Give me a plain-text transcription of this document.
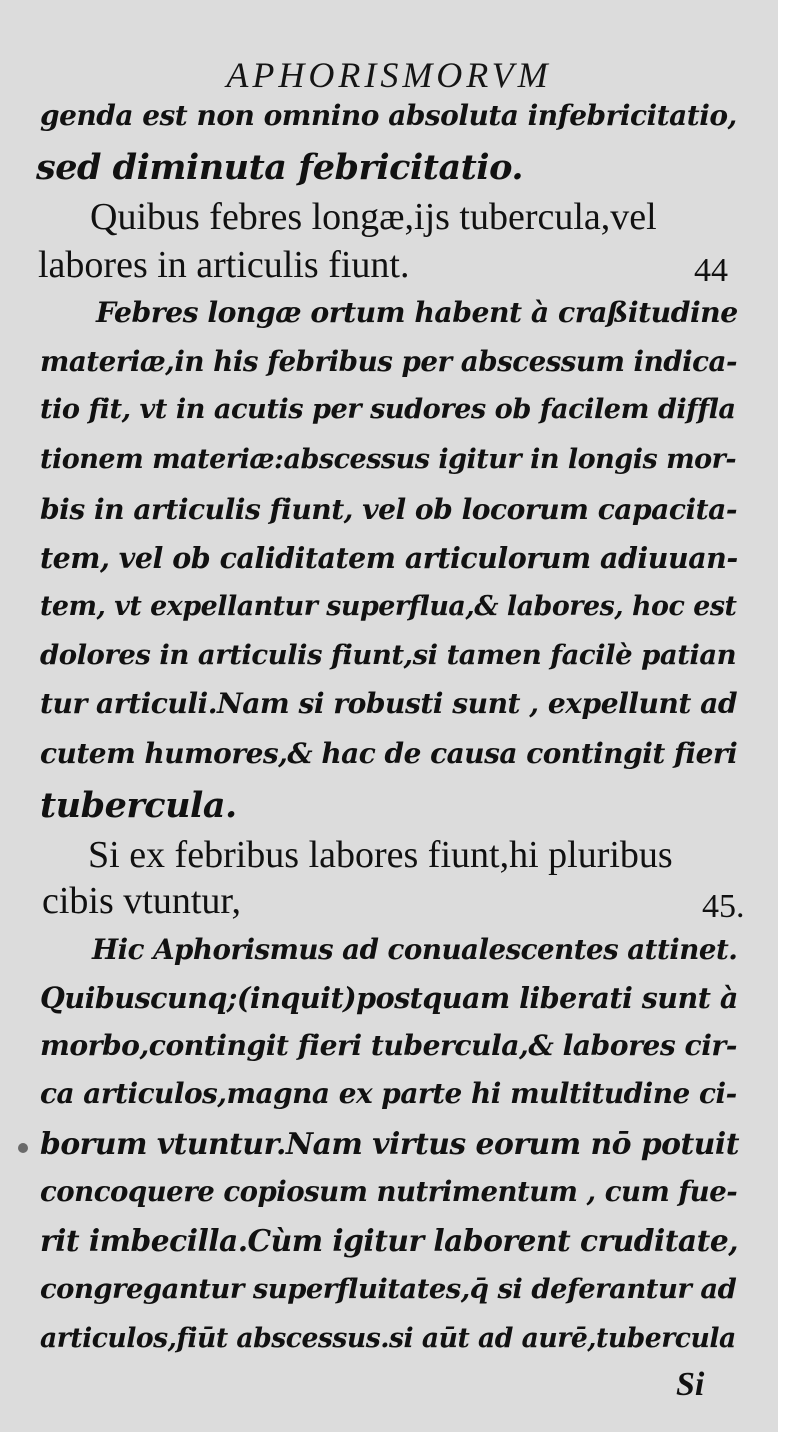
APHORISMORVM
genda est non omnino absoluta infebricitatio,
sed diminuta febricitatio.
Quibus febres longæ,ijs tubercula,vel
labores in articulis fiunt.	44
Febres longæ ortum habent à craßitudine
materiæ,in his febribus per abscessum indica-
tio fit, vt in acutis per sudores ob facilem diffla
tionem materiæ:abscessus igitur in longis mor-
bis in articulis fiunt, vel ob locorum capacita-
tem, vel ob caliditatem articulorum adiuuan-
tem, vt expellantur superflua,& labores, hoc est
dolores in articulis fiunt,si tamen facilè patian
tur articuli.Nam si robusti sunt , expellunt ad
cutem humores,& hac de causa contingit fieri
tubercula.
Si ex febribus labores fiunt,hi pluribus
cibis vtuntur,	45.
Hic Aphorismus ad conualescentes attinet.
Quibuscunq;(inquit)postquam liberati sunt à
morbo,contingit fieri tubercula,& labores cir-
ca articulos,magna ex parte hi multitudine ci-
borum vtuntur.Nam virtus eorum nō potuit
concoquere copiosum nutrimentum , cum fue-
rit imbecilla.Cùm igitur laborent cruditate,
congregantur superfluitates,q̄ si deferantur ad
articulos,fiūt abscessus.si aūt ad aurē,tubercula
Si
